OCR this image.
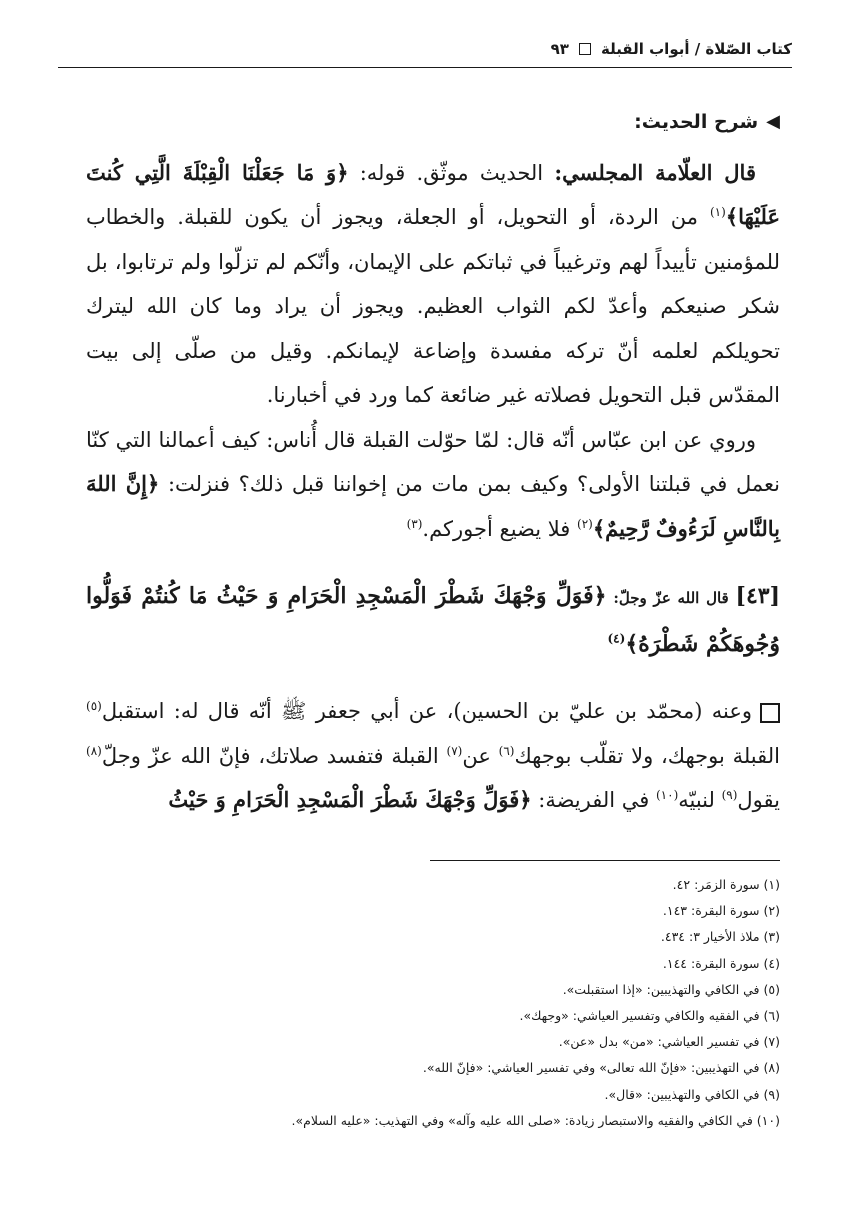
كتاب الصّلاة / أبواب القبلة
٩٣

◀
شرح الحديث:

قال العلّامة المجلسي: الحديث موثّق. قوله: ﴿وَ مَا جَعَلْنَا الْقِبْلَةَ الَّتِي كُنتَ عَلَيْهَا﴾$^{(١)}$ من الردة، أو التحويل، أو الجعلة، ويجوز أن يكون للقبلة. والخطاب للمؤمنين تأييداً لهم وترغيباً في ثباتكم على الإيمان، وأنّكم لم تزلّوا ولم ترتابوا، بل شكر صنيعكم وأعدّ لكم الثواب العظيم. ويجوز أن يراد وما كان الله ليترك تحويلكم لعلمه أنّ تركه مفسدة وإضاعة لإيمانكم. وقيل من صلّى إلى بيت المقدّس قبل التحويل فصلاته غير ضائعة كما ورد في أخبارنا.

وروي عن ابن عبّاس أنّه قال: لمّا حوّلت القبلة قال أُناس: كيف أعمالنا التي كنّا نعمل في قبلتنا الأولى؟ وكيف بمن مات من إخواننا قبل ذلك؟ فنزلت: ﴿إِنَّ اللهَ بِالنَّاسِ لَرَءُوفٌ رَّحِيمٌ﴾$^{(٢)}$ فلا يضيع أجوركم.$^{(٣)}$

[٤٣] قال الله عزّ وجلّ: ﴿فَوَلِّ وَجْهَكَ شَطْرَ الْمَسْجِدِ الْحَرَامِ وَ حَيْثُ مَا كُنتُمْ فَوَلُّوا وُجُوهَكُمْ شَطْرَهُ﴾$^{(٤)}$

وعنه (محمّد بن عليّ بن الحسين)، عن أبي جعفر ﷺ أنّه قال له: استقبل$^{(٥)}$ القبلة بوجهك، ولا تقلّب بوجهك$^{(٦)}$ عن$^{(٧)}$ القبلة فتفسد صلاتك، فإنّ الله عزّ وجلّ$^{(٨)}$ يقول$^{(٩)}$ لنبيّه$^{(١٠)}$ في الفريضة: ﴿فَوَلِّ وَجْهَكَ شَطْرَ الْمَسْجِدِ الْحَرَامِ وَ حَيْثُ

(١) سورة الزمَر: ٤٢.
(٢) سورة البقرة: ١٤٣.
(٣) ملاذ الأخيار ٣: ٤٣٤.
(٤) سورة البقرة: ١٤٤.
(٥) في الكافي والتهذيبين: «إذا استقبلت».
(٦) في الفقيه والكافي وتفسير العياشي: «وجهك».
(٧) في تفسير العياشي: «من» بدل «عن».
(٨) في التهذيبين: «فإنّ الله تعالى» وفي تفسير العياشي: «فإنّ الله».
(٩) في الكافي والتهذيبين: «قال».
(١٠) في الكافي والفقيه والاستبصار زيادة: «صلى الله عليه وآله» وفي التهذيب: «عليه السلام».
